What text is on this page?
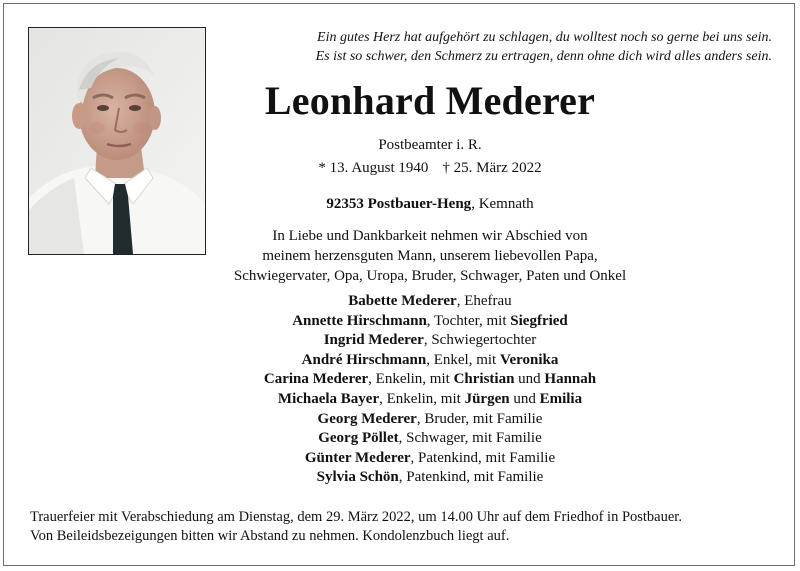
Ein gutes Herz hat aufgehört zu schlagen, du wolltest noch so gerne bei uns sein.
Es ist so schwer, den Schmerz zu ertragen, denn ohne dich wird alles anders sein.
Leonhard Mederer
Postbeamter i. R.
* 13. August 1940 † 25. März 2022
92353 Postbauer-Heng, Kemnath
In Liebe und Dankbarkeit nehmen wir Abschied von
meinem herzensguten Mann, unserem liebevollen Papa,
Schwiegervater, Opa, Uropa, Bruder, Schwager, Paten und Onkel
Babette Mederer, Ehefrau
Annette Hirschmann, Tochter, mit Siegfried
Ingrid Mederer, Schwiegertochter
André Hirschmann, Enkel, mit Veronika
Carina Mederer, Enkelin, mit Christian und Hannah
Michaela Bayer, Enkelin, mit Jürgen und Emilia
Georg Mederer, Bruder, mit Familie
Georg Pöllet, Schwager, mit Familie
Günter Mederer, Patenkind, mit Familie
Sylvia Schön, Patenkind, mit Familie
Trauerfeier mit Verabschiedung am Dienstag, dem 29. März 2022, um 14.00 Uhr auf dem Friedhof in Postbauer.
Von Beileidsbezeigungen bitten wir Abstand zu nehmen. Kondolenzbuch liegt auf.
